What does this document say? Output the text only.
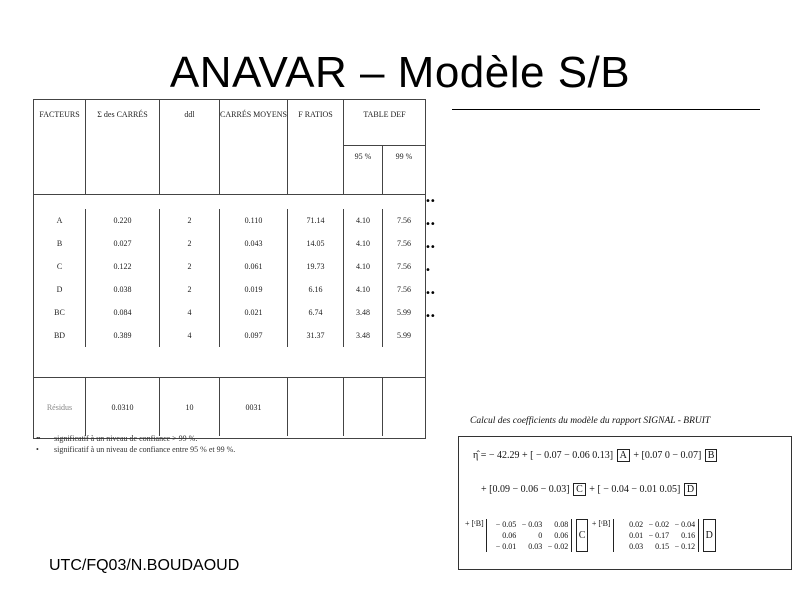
ANAVAR – Modèle S/B
FACTEURS	Σ des CARRÉS	ddl	CARRÉS MOYENS	F RATIOS	TABLE DEF	
					95 %	99 %

A	0.220	2	0.110	71.14	4.10	7.56
B	0.027	2	0.043	14.05	4.10	7.56
C	0.122	2	0.061	19.73	4.10	7.56
D	0.038	2	0.019	6.16	4.10	7.56
BC	0.084	4	0.021	6.74	3.48	5.99
BD	0.389	4	0.097	31.37	3.48	5.99

Résidus	0.0310	10	0031			

••
••
••
•
••
••
•• significatif à un niveau de confiance > 99 %.
• significatif à un niveau de confiance entre 95 % et 99 %.
Calcul des coefficients du modèle du rapport SIGNAL - BRUIT
η̂ = − 42.29 + [ − 0.07 − 0.06 0.13] A + [0.07 0 − 0.07] B
+ [0.09 − 0.06 − 0.03] C + [ − 0.04 − 0.01 0.05] D
$^{+ [ᵗB]}$	− 0.05 − 0.03 0.08
0.06	0 0.06
− 0.01 0.03 − 0.02
C $^{+ [ᵗB]}$	0.02 − 0.02 − 0.04
0.01 − 0.17 0.16
0.03 0.15 − 0.12
D
UTC/FQ03/N.BOUDAOUD
